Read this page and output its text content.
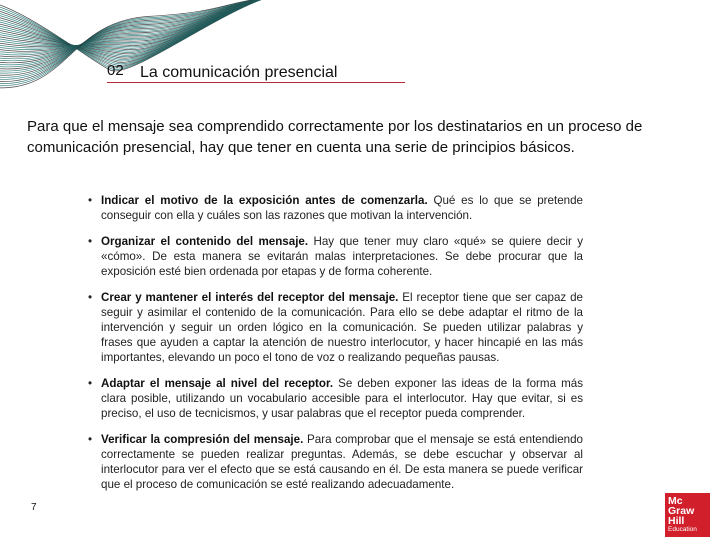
02 La comunicación presencial
Para que el mensaje sea comprendido correctamente por los destinatarios en un proceso de comunicación presencial, hay que tener en cuenta una serie de principios básicos.
• Indicar el motivo de la exposición antes de comenzarla. Qué es lo que se pretende conseguir con ella y cuáles son las razones que motivan la intervención.
• Organizar el contenido del mensaje. Hay que tener muy claro «qué» se quiere decir y «cómo». De esta manera se evitarán malas interpretaciones. Se debe procurar que la exposición esté bien ordenada por etapas y de forma coherente.
• Crear y mantener el interés del receptor del mensaje. El receptor tiene que ser capaz de seguir y asimilar el contenido de la comunicación. Para ello se debe adaptar el ritmo de la intervención y seguir un orden lógico en la comunicación. Se pueden utilizar palabras y frases que ayuden a captar la atención de nuestro interlocutor, y hacer hincapié en las más importantes, elevando un poco el tono de voz o realizando pequeñas pausas.
• Adaptar el mensaje al nivel del receptor. Se deben exponer las ideas de la forma más clara posible, utilizando un vocabulario accesible para el interlocutor. Hay que evitar, si es preciso, el uso de tecnicismos, y usar palabras que el receptor pueda comprender.
• Verificar la compresión del mensaje. Para comprobar que el mensaje se está entendiendo correctamente se pueden realizar preguntas. Además, se debe escuchar y observar al interlocutor para ver el efecto que se está causando en él. De esta manera se puede verificar que el proceso de comunicación se esté realizando adecuadamente.
7
Mc
Graw
Hill
Education
